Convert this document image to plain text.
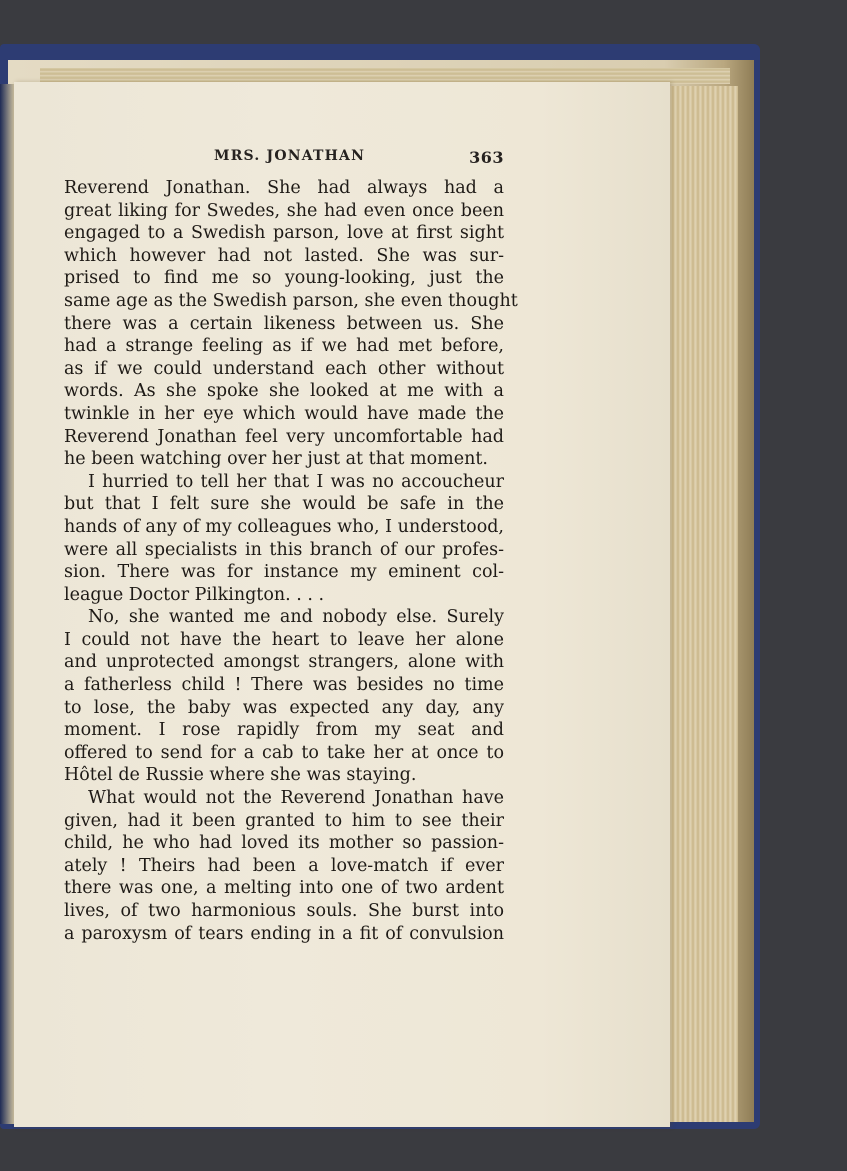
MRS. JONATHAN	363
Reverend Jonathan. She had always had a
great liking for Swedes, she had even once been
engaged to a Swedish parson, love at first sight
which however had not lasted. She was sur-
prised to find me so young-looking, just the
same age as the Swedish parson, she even thought
there was a certain likeness between us. She
had a strange feeling as if we had met before,
as if we could understand each other without
words. As she spoke she looked at me with a
twinkle in her eye which would have made the
Reverend Jonathan feel very uncomfortable had
he been watching over her just at that moment.
I hurried to tell her that I was no accoucheur
but that I felt sure she would be safe in the
hands of any of my colleagues who, I understood,
were all specialists in this branch of our profes-
sion. There was for instance my eminent col-
league Doctor Pilkington. . . .
No, she wanted me and nobody else. Surely
I could not have the heart to leave her alone
and unprotected amongst strangers, alone with
a fatherless child ! There was besides no time
to lose, the baby was expected any day, any
moment. I rose rapidly from my seat and
offered to send for a cab to take her at once to
Hôtel de Russie where she was staying.
What would not the Reverend Jonathan have
given, had it been granted to him to see their
child, he who had loved its mother so passion-
ately ! Theirs had been a love-match if ever
there was one, a melting into one of two ardent
lives, of two harmonious souls. She burst into
a paroxysm of tears ending in a fit of convulsion
